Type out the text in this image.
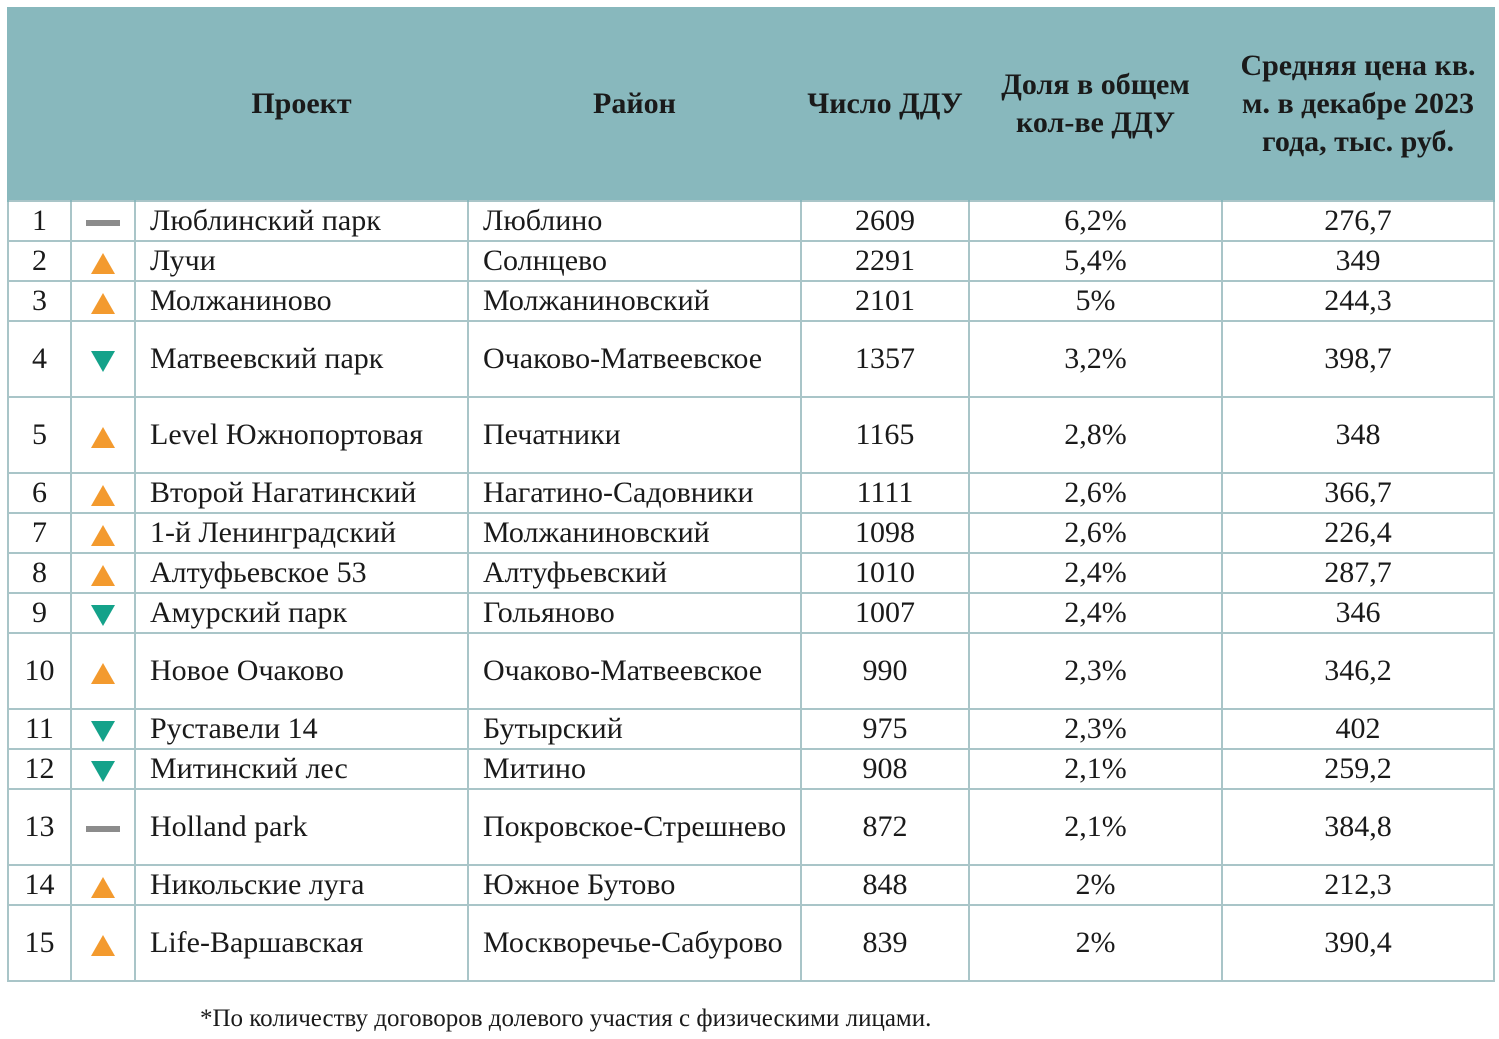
		Проект	Район	Число ДДУ	Доля в общем кол-ве ДДУ	Средняя цена кв. м. в декабре 2023 года, тыс. руб.
1		Люблинский парк	Люблино	2609	6,2%	276,7
2		Лучи	Солнцево	2291	5,4%	349
3		Молжаниново	Молжаниновский	2101	5%	244,3
4		Матвеевский парк	Очаково-Матвеевское	1357	3,2%	398,7
5		Level Южнопортовая	Печатники	1165	2,8%	348
6		Второй Нагатинский	Нагатино-Садовники	1111	2,6%	366,7
7		1-й Ленинградский	Молжаниновский	1098	2,6%	226,4
8		Алтуфьевское 53	Алтуфьевский	1010	2,4%	287,7
9		Амурский парк	Гольяново	1007	2,4%	346
10		Новое Очаково	Очаково-Матвеевское	990	2,3%	346,2
11		Руставели 14	Бутырский	975	2,3%	402
12		Митинский лес	Митино	908	2,1%	259,2
13		Holland park	Покровское-Стрешнево	872	2,1%	384,8
14		Никольские луга	Южное Бутово	848	2%	212,3
15		Life-Варшавская	Москворечье-Сабурово	839	2%	390,4
*По количеству договоров долевого участия с физическими лицами.
